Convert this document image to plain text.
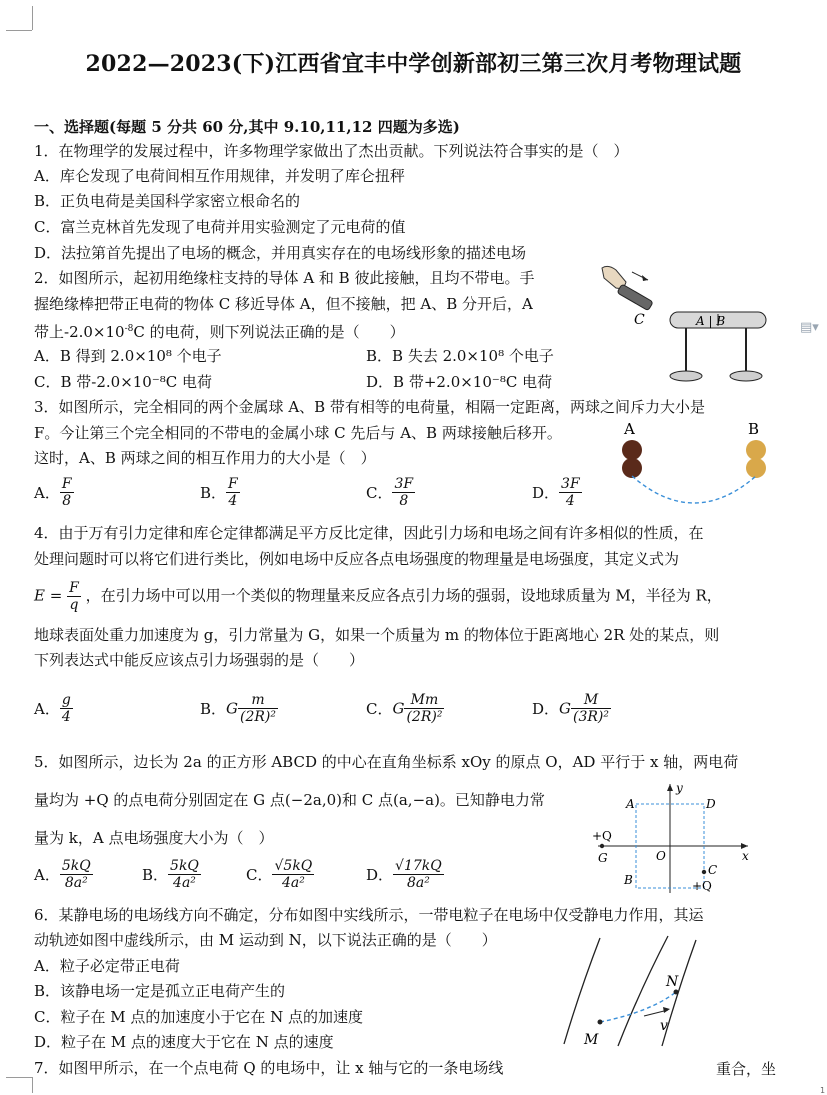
2022—2023(下)江西省宜丰中学创新部初三第三次月考物理试题
一、选择题(每题 5 分共 60 分,其中 9.10,11,12 四题为多选)
1．在物理学的发展过程中，许多物理学家做出了杰出贡献。下列说法符合事实的是（　）
A．库仑发现了电荷间相互作用规律，并发明了库仑扭秤
B．正负电荷是美国科学家密立根命名的
C．富兰克林首先发现了电荷并用实验测定了元电荷的值
D．法拉第首先提出了电场的概念，并用真实存在的电场线形象的描述电场
2．如图所示，起初用绝缘柱支持的导体 A 和 B 彼此接触，且均不带电。手
握绝缘棒把带正电荷的物体 C 移近导体 A，但不接触，把 A、B 分开后，A
带上$-2.0\times 10^{-8}C$ 的电荷，则下列说法正确的是（　　）
A．B 得到 2.0×10⁸ 个电子	B．B 失去 2.0×10⁸ 个电子
C．B 带-2.0×10⁻⁸C 电荷	D．B 带+2.0×10⁻⁸C 电荷
C	A | B
3．如图所示，完全相同的两个金属球 A、B 带有相等的电荷量，相隔一定距离，两球之间斥力大小是
F。今让第三个完全相同的不带电的金属小球 C 先后与 A、B 两球接触后移开。
这时，A、B 两球之间的相互作用力的大小是（　）
A	B
A． $\frac{F}{8}$	B． $\frac{F}{4}$	C． $\frac{3F}{8}$	D． $\frac{3F}{4}$
4．由于万有引力定律和库仑定律都满足平方反比定律，因此引力场和电场之间有许多相似的性质，在
处理问题时可以将它们进行类比，例如电场中反应各点电场强度的物理量是电场强度，其定义式为
$E = \frac{F}{q}$ ，在引力场中可以用一个类似的物理量来反应各点引力场的强弱，设地球质量为 M，半径为 R，
地球表面处重力加速度为 g，引力常量为 G，如果一个质量为 m 的物体位于距离地心 2R 处的某点，则
下列表达式中能反应该点引力场强弱的是（　　）
A． $\frac{g}{4}$	B．G $\frac{m}{\text{(2R)²}}$	C．G $\frac{Mm}{\text{(2R)²}}$	D．G $\frac{M}{\text{(3R)²}}$
5．如图所示，边长为 2a 的正方形 ABCD 的中心在直角坐标系 xOy 的原点 O，AD 平行于 x 轴，两电荷
量均为 +Q 的点电荷分别固定在 G 点(−2a,0)和 C 点(a,−a)。已知静电力常
量为 k，A 点电场强度大小为（　）
y
x
A	D
B
C
O
+Q
G
+Q
A． $\frac{5kQ}{\text{8a²}}$	B． $\frac{5kQ}{\text{4a²}}$	C． $\frac{√5kQ}{\text{4a²}}$	D． $\frac{√17kQ}{\text{8a²}}$
6．某静电场的电场线方向不确定，分布如图中实线所示，一带电粒子在电场中仅受静电力作用，其运
动轨迹如图中虚线所示，由 M 运动到 N，以下说法正确的是（　　）
A．粒子必定带正电荷
B．该静电场一定是孤立正电荷产生的
C．粒子在 M 点的加速度小于它在 N 点的加速度
D．粒子在 M 点的速度大于它在 N 点的速度
N
M
v
7．如图甲所示，在一个点电荷 Q 的电场中，让 x 轴与它的一条电场线	重合，坐
▤▾
1
